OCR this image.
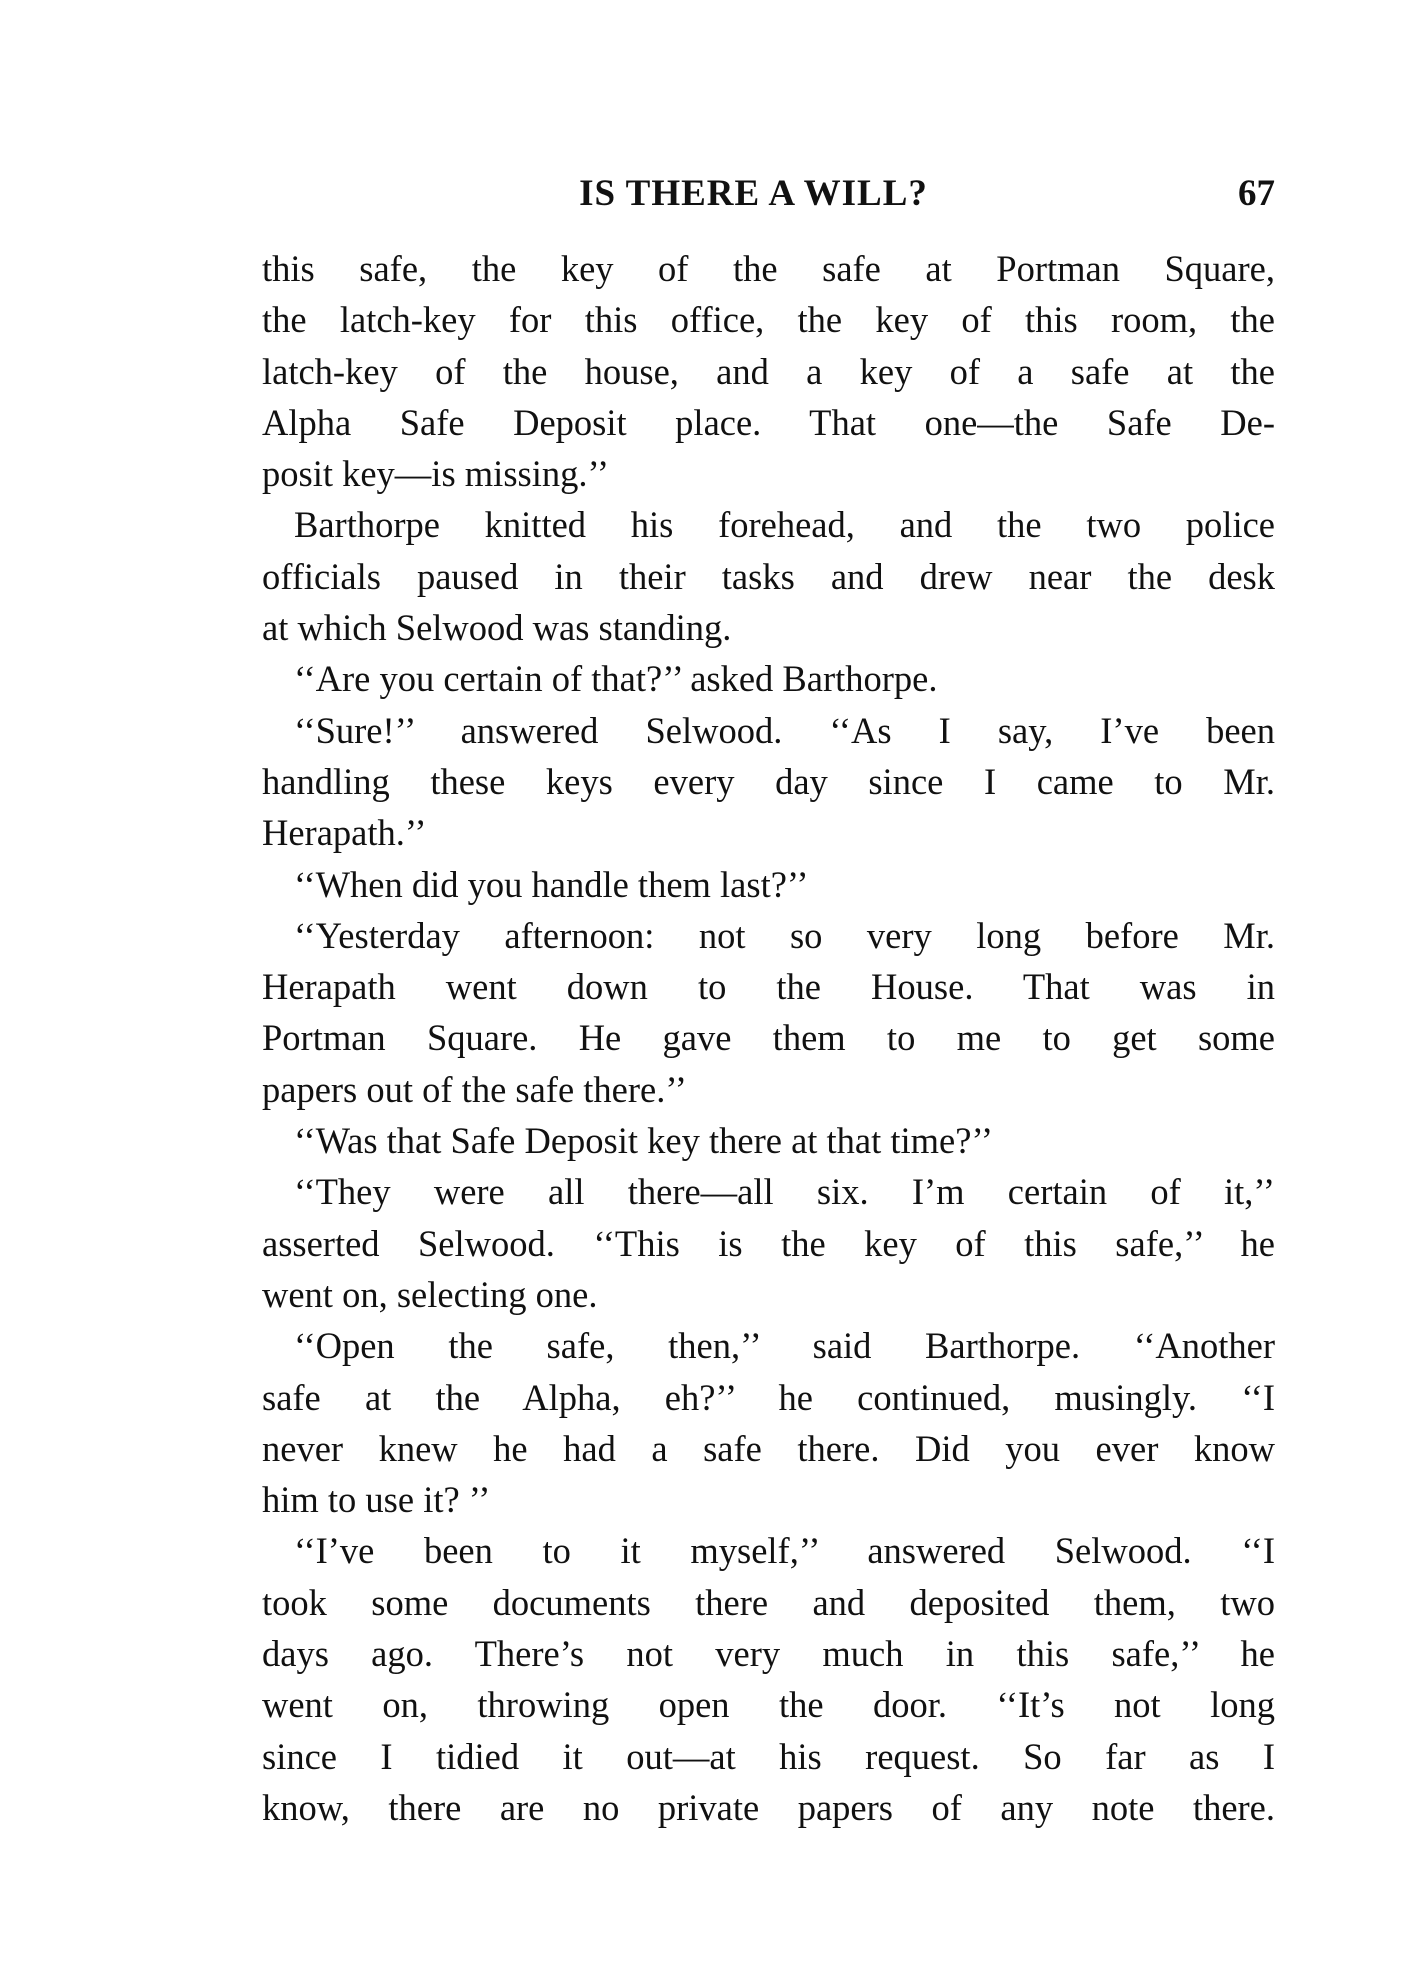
IS THERE A WILL?	67
this safe, the key of the safe at Portman Square,
the latch-key for this office, the key of this room, the
latch-key of the house, and a key of a safe at the
Alpha Safe Deposit place. That one—the Safe De-
posit key—is missing.’’
Barthorpe knitted his forehead, and the two police
officials paused in their tasks and drew near the desk
at which Selwood was standing.
‘‘Are you certain of that?’’ asked Barthorpe.
‘‘Sure!’’ answered Selwood. ‘‘As I say, I’ve been
handling these keys every day since I came to Mr.
Herapath.’’
‘‘When did you handle them last?’’
‘‘Yesterday afternoon: not so very long before Mr.
Herapath went down to the House. That was in
Portman Square. He gave them to me to get some
papers out of the safe there.’’
‘‘Was that Safe Deposit key there at that time?’’
‘‘They were all there—all six. I’m certain of it,’’
asserted Selwood. ‘‘This is the key of this safe,’’ he
went on, selecting one.
‘‘Open the safe, then,’’ said Barthorpe. ‘‘Another
safe at the Alpha, eh?’’ he continued, musingly. ‘‘I
never knew he had a safe there. Did you ever know
him to use it? ’’
‘‘I’ve been to it myself,’’ answered Selwood. ‘‘I
took some documents there and deposited them, two
days ago. There’s not very much in this safe,’’ he
went on, throwing open the door. ‘‘It’s not long
since I tidied it out—at his request. So far as I
know, there are no private papers of any note there.
